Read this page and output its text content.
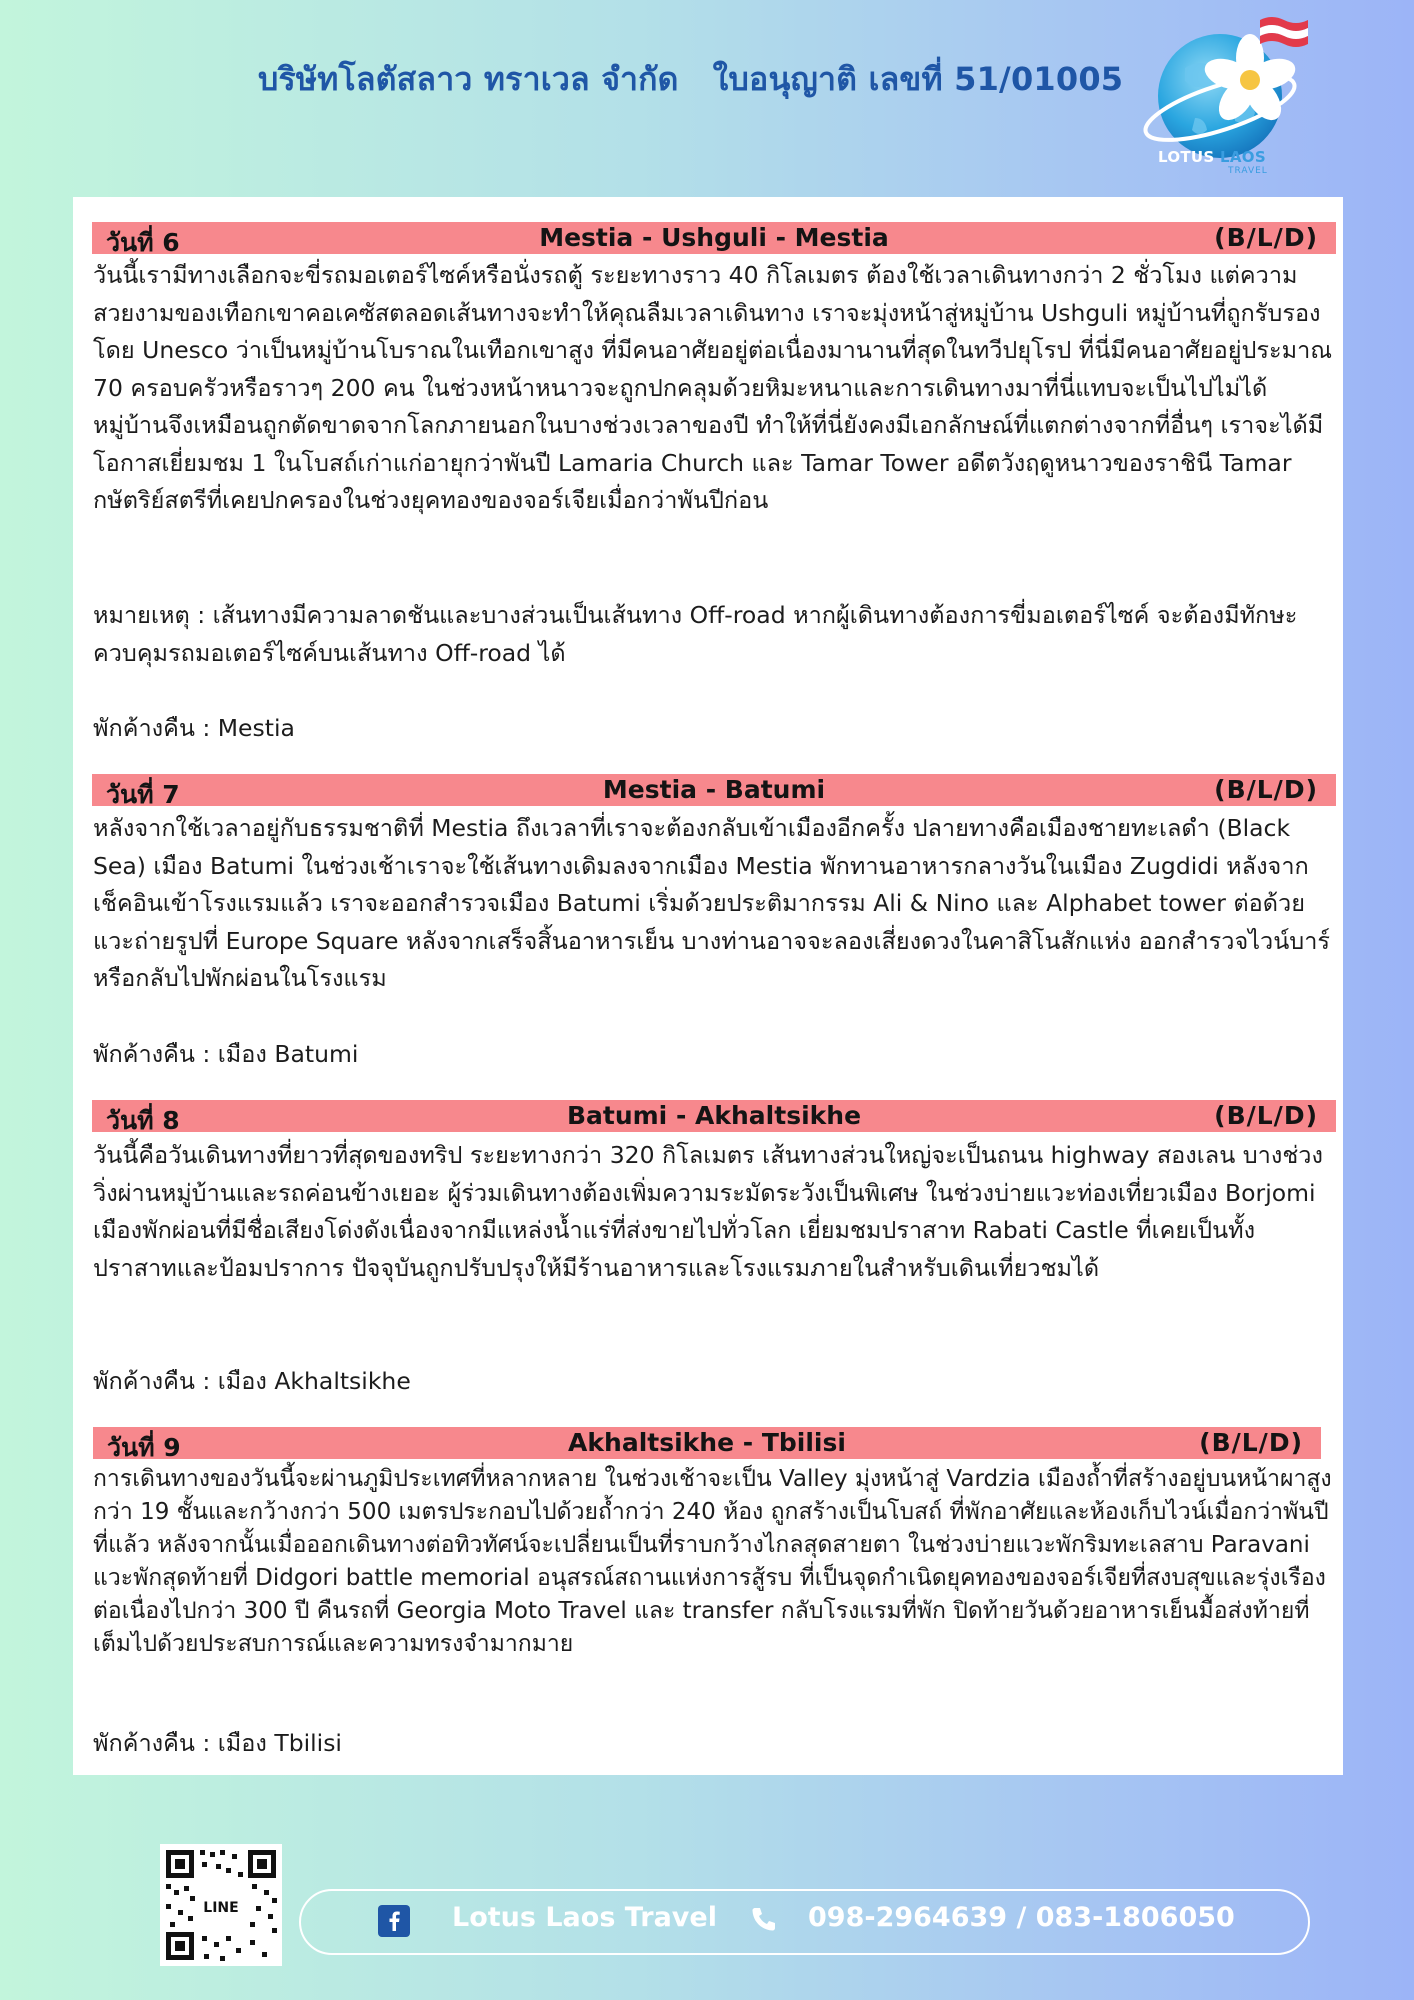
บริษัทโลตัสลาว ทราเวล จำกัด   ใบอนุญาติ เลขที่ 51/01005
LOTUS LAOS
TRAVEL
วันที่ 6	Mestia - Ushguli - Mestia	(B/L/D)

วันนี้เรามีทางเลือกจะขี่รถมอเตอร์ไซค์หรือนั่งรถตู้ ระยะทางราว 40 กิโลเมตร ต้องใช้เวลาเดินทางกว่า 2 ชั่วโมง แต่ความสวยงามของเทือกเขาคอเคซัสตลอดเส้นทางจะทำให้คุณลืมเวลาเดินทาง เราจะมุ่งหน้าสู่หมู่บ้าน Ushguli หมู่บ้านที่ถูกรับรองโดย Unesco ว่าเป็นหมู่บ้านโบราณในเทือกเขาสูง ที่มีคนอาศัยอยู่ต่อเนื่องมานานที่สุดในทวีปยุโรป ที่นี่มีคนอาศัยอยู่ประมาณ 70 ครอบครัวหรือราวๆ 200 คน ในช่วงหน้าหนาวจะถูกปกคลุมด้วยหิมะหนาและการเดินทางมาที่นี่แทบจะเป็นไปไม่ได้ หมู่บ้านจึงเหมือนถูกตัดขาดจากโลกภายนอกในบางช่วงเวลาของปี ทำให้ที่นี่ยังคงมีเอกลักษณ์ที่แตกต่างจากที่อื่นๆ เราจะได้มีโอกาสเยี่ยมชม 1 ในโบสถ์เก่าแก่อายุกว่าพันปี Lamaria Church และ Tamar Tower อดีตวังฤดูหนาวของราชินี Tamar กษัตริย์สตรีที่เคยปกครองในช่วงยุคทองของจอร์เจียเมื่อกว่าพันปีก่อน

หมายเหตุ : เส้นทางมีความลาดชันและบางส่วนเป็นเส้นทาง Off-road หากผู้เดินทางต้องการขี่มอเตอร์ไซค์ จะต้องมีทักษะควบคุมรถมอเตอร์ไซค์บนเส้นทาง Off-road ได้

พักค้างคืน : Mestia

วันที่ 7	Mestia - Batumi	(B/L/D)

หลังจากใช้เวลาอยู่กับธรรมชาติที่ Mestia ถึงเวลาที่เราจะต้องกลับเข้าเมืองอีกครั้ง ปลายทางคือเมืองชายทะเลดำ (Black Sea) เมือง Batumi ในช่วงเช้าเราจะใช้เส้นทางเดิมลงจากเมือง Mestia พักทานอาหารกลางวันในเมือง Zugdidi หลังจากเช็คอินเข้าโรงแรมแล้ว เราจะออกสำรวจเมือง Batumi เริ่มด้วยประติมากรรม Ali & Nino และ Alphabet tower ต่อด้วยแวะถ่ายรูปที่ Europe Square หลังจากเสร็จสิ้นอาหารเย็น บางท่านอาจจะลองเสี่ยงดวงในคาสิโนสักแห่ง ออกสำรวจไวน์บาร์หรือกลับไปพักผ่อนในโรงแรม

พักค้างคืน : เมือง Batumi

วันที่ 8	Batumi - Akhaltsikhe	(B/L/D)

วันนี้คือวันเดินทางที่ยาวที่สุดของทริป ระยะทางกว่า 320 กิโลเมตร เส้นทางส่วนใหญ่จะเป็นถนน highway สองเลน บางช่วงวิ่งผ่านหมู่บ้านและรถค่อนข้างเยอะ ผู้ร่วมเดินทางต้องเพิ่มความระมัดระวังเป็นพิเศษ ในช่วงบ่ายแวะท่องเที่ยวเมือง Borjomi เมืองพักผ่อนที่มีชื่อเสียงโด่งดังเนื่องจากมีแหล่งน้ำแร่ที่ส่งขายไปทั่วโลก เยี่ยมชมปราสาท Rabati Castle ที่เคยเป็นทั้งปราสาทและป้อมปราการ ปัจจุบันถูกปรับปรุงให้มีร้านอาหารและโรงแรมภายในสำหรับเดินเที่ยวชมได้

พักค้างคืน : เมือง Akhaltsikhe

วันที่ 9	Akhaltsikhe - Tbilisi	(B/L/D)

การเดินทางของวันนี้จะผ่านภูมิประเทศที่หลากหลาย ในช่วงเช้าจะเป็น Valley มุ่งหน้าสู่ Vardzia เมืองถ้ำที่สร้างอยู่บนหน้าผาสูงกว่า 19 ชั้นและกว้างกว่า 500 เมตรประกอบไปด้วยถ้ำกว่า 240 ห้อง ถูกสร้างเป็นโบสถ์ ที่พักอาศัยและห้องเก็บไวน์เมื่อกว่าพันปีที่แล้ว หลังจากนั้นเมื่อออกเดินทางต่อทิวทัศน์จะเปลี่ยนเป็นที่ราบกว้างไกลสุดสายตา ในช่วงบ่ายแวะพักริมทะเลสาบ Paravani แวะพักสุดท้ายที่ Didgori battle memorial อนุสรณ์สถานแห่งการสู้รบ ที่เป็นจุดกำเนิดยุคทองของจอร์เจียที่สงบสุขและรุ่งเรืองต่อเนื่องไปกว่า 300 ปี คืนรถที่ Georgia Moto Travel และ transfer กลับโรงแรมที่พัก ปิดท้ายวันด้วยอาหารเย็นมื้อส่งท้ายที่เต็มไปด้วยประสบการณ์และความทรงจำมากมาย

พักค้างคืน : เมือง Tbilisi

LINE	Lotus Laos Travel	098-2964639 / 083-1806050
